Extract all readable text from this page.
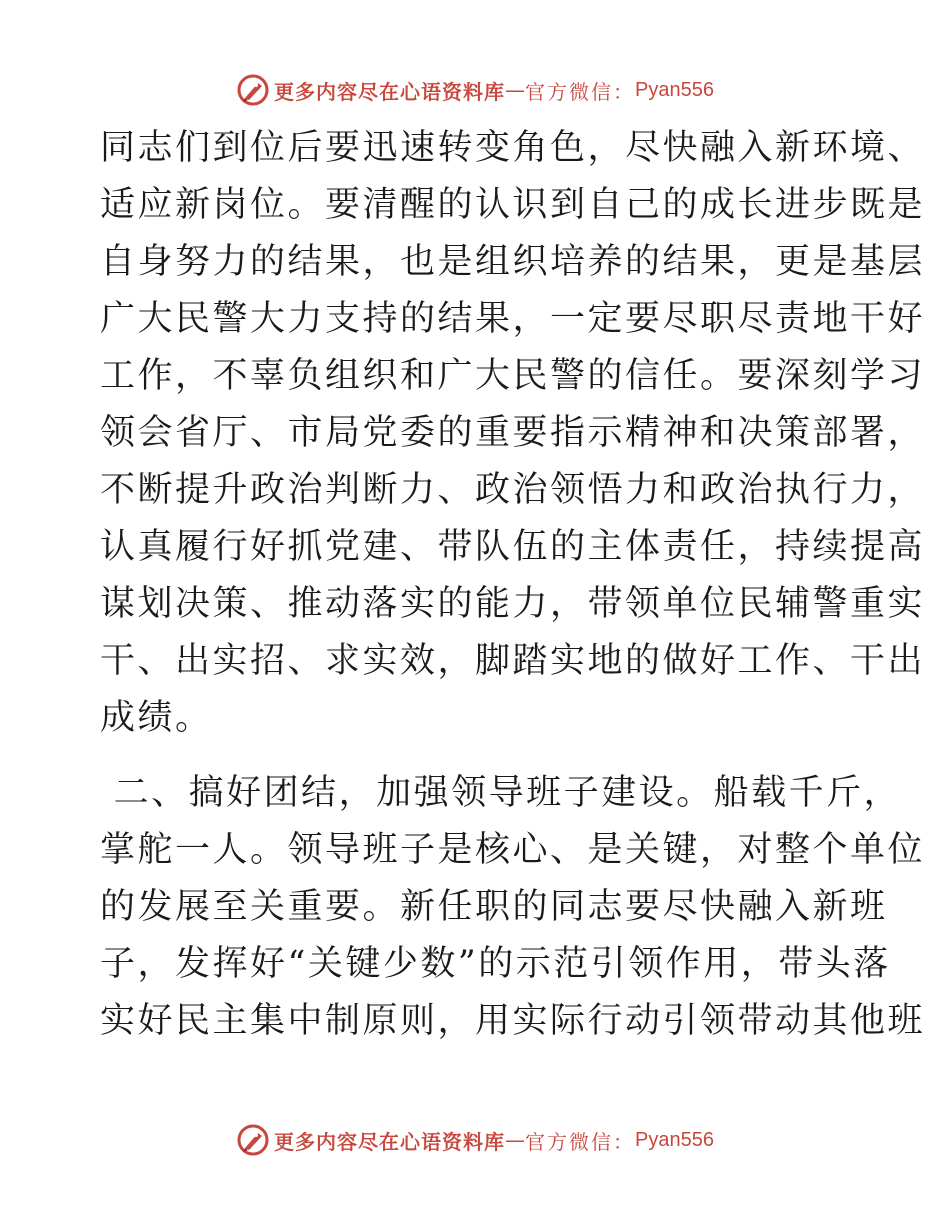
更多内容尽在心语资料库 — 官方微信： Pyan556
同志们到位后要迅速转变角色，尽快融入新环境、
适应新岗位。要清醒的认识到自己的成长进步既是
自身努力的结果，也是组织培养的结果，更是基层
广大民警大力支持的结果，一定要尽职尽责地干好
工作，不辜负组织和广大民警的信任。要深刻学习
领会省厅、市局党委的重要指示精神和决策部署，
不断提升政治判断力、政治领悟力和政治执行力，
认真履行好抓党建、带队伍的主体责任，持续提高
谋划决策、推动落实的能力，带领单位民辅警重实
干、出实招、求实效，脚踏实地的做好工作、干出
成绩。
二、搞好团结，加强领导班子建设。船载千斤，
掌舵一人。领导班子是核心、是关键，对整个单位
的发展至关重要。新任职的同志要尽快融入新班
子，发挥好“关键少数”的示范引领作用，带头落
实好民主集中制原则，用实际行动引领带动其他班
更多内容尽在心语资料库 — 官方微信： Pyan556
